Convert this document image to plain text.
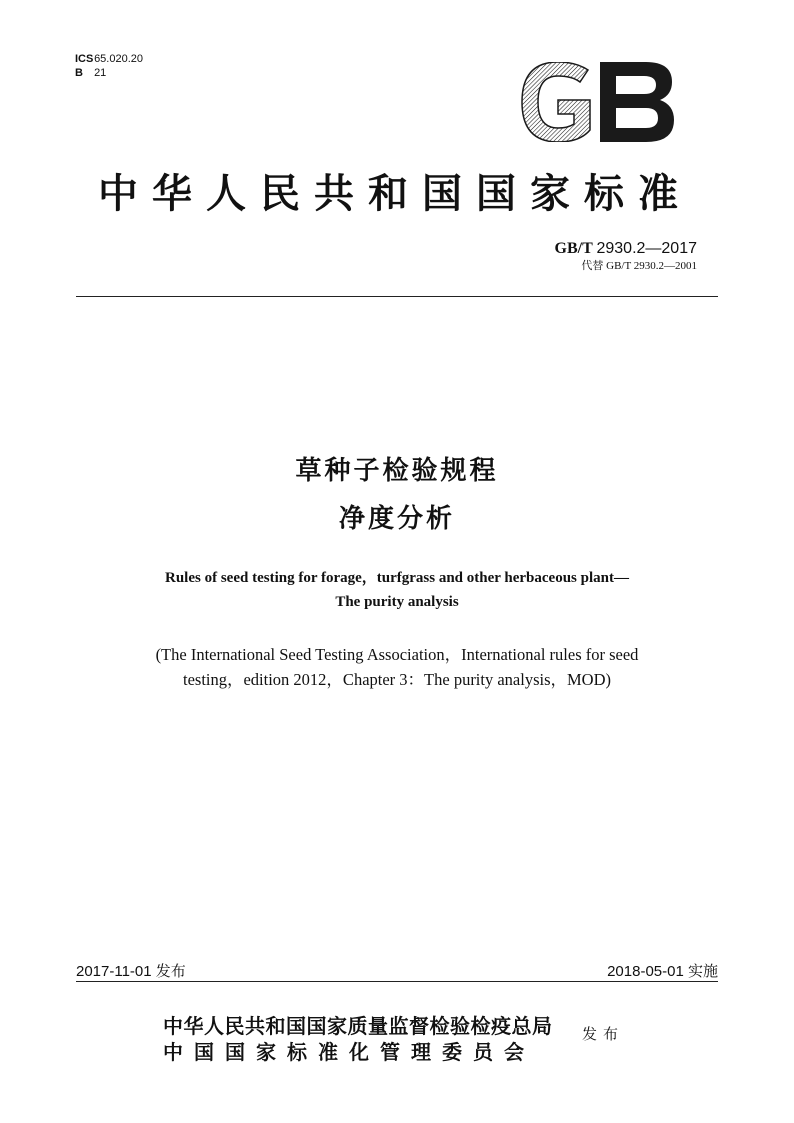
ICS 65.020.20
B 21
中华人民共和国国家标准
GB/T 2930.2—2017
代替 GB/T 2930.2—2001
草种子检验规程
净度分析
Rules of seed testing for forage，turfgrass and other herbaceous plant—
The purity analysis
(The International Seed Testing Association，International rules for seed
testing，edition 2012，Chapter 3：The purity analysis，MOD)
2017-11-01 发布	2018-05-01 实施
中华人民共和国国家质量监督检验检疫总局
中国国家标准化管理委员会
发布
